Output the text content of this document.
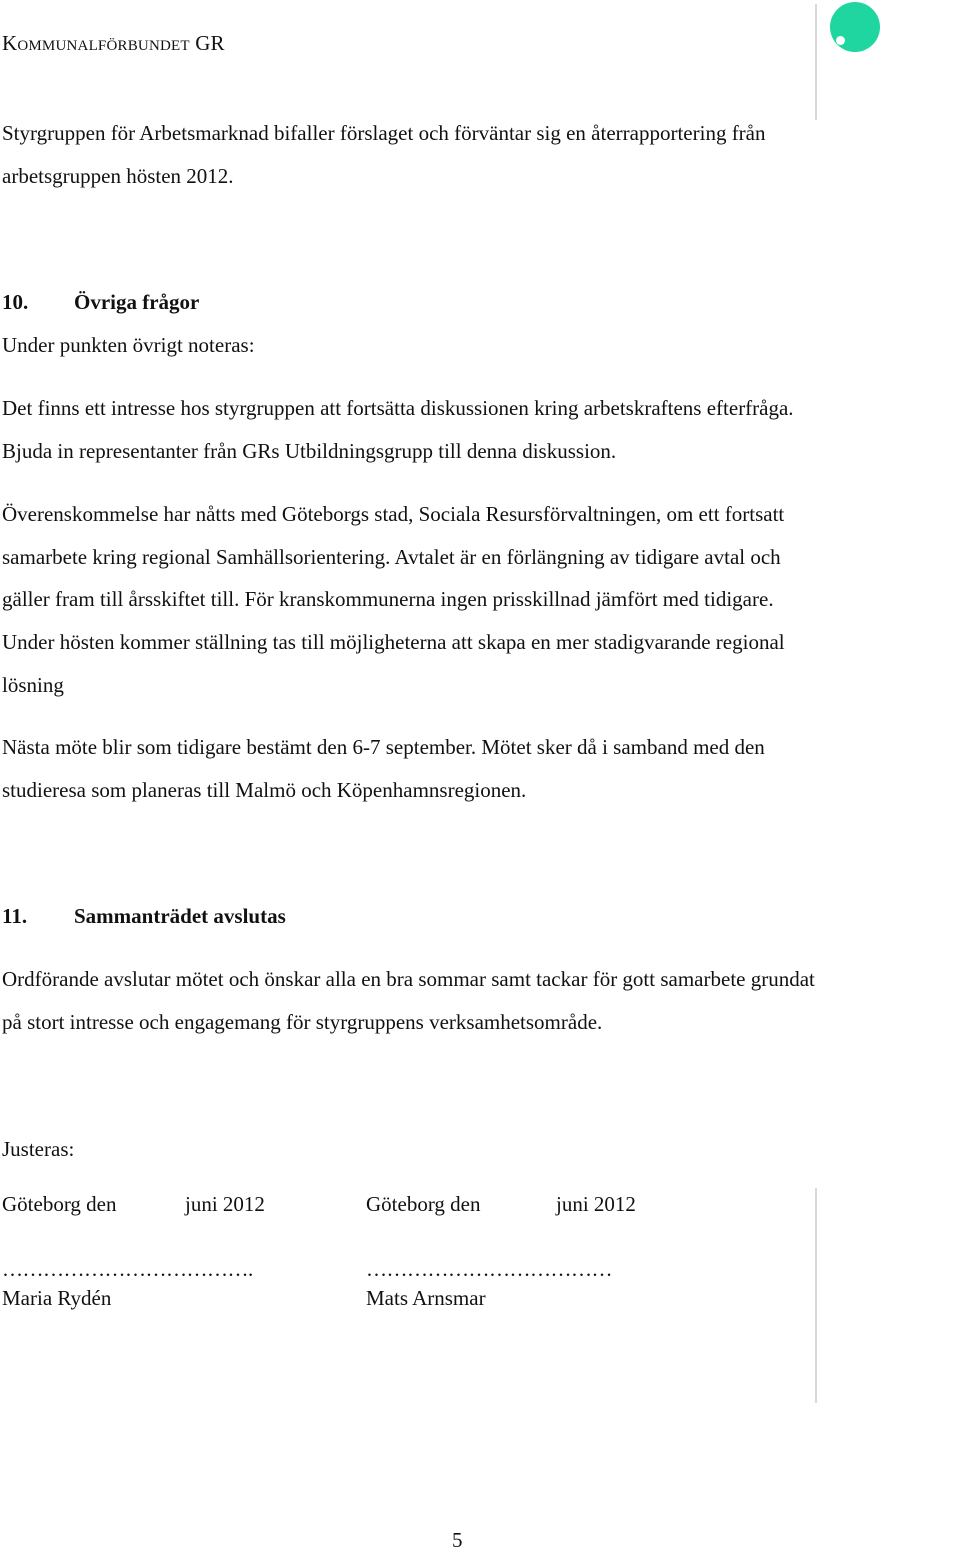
Kommunalförbundet GR
Styrgruppen för Arbetsmarknad bifaller förslaget och förväntar sig en återrapportering från
arbetsgruppen hösten 2012.
10. Övriga frågor
Under punkten övrigt noteras:
Det finns ett intresse hos styrgruppen att fortsätta diskussionen kring arbetskraftens efterfråga.
Bjuda in representanter från GRs Utbildningsgrupp till denna diskussion.
Överenskommelse har nåtts med Göteborgs stad, Sociala Resursförvaltningen, om ett fortsatt
samarbete kring regional Samhällsorientering. Avtalet är en förlängning av tidigare avtal och
gäller fram till årsskiftet till. För kranskommunerna ingen prisskillnad jämfört med tidigare.
Under hösten kommer ställning tas till möjligheterna att skapa en mer stadigvarande regional
lösning
Nästa möte blir som tidigare bestämt den 6-7 september. Mötet sker då i samband med den
studieresa som planeras till Malmö och Köpenhamnsregionen.
11. Sammanträdet avslutas
Ordförande avslutar mötet och önskar alla en bra sommar samt tackar för gott samarbete grundat
på stort intresse och engagemang för styrgruppens verksamhetsområde.
Justeras:
Göteborg den	juni 2012	Göteborg den	juni 2012
……………………………….	………………………………
Maria Rydén	Mats Arnsmar
5
